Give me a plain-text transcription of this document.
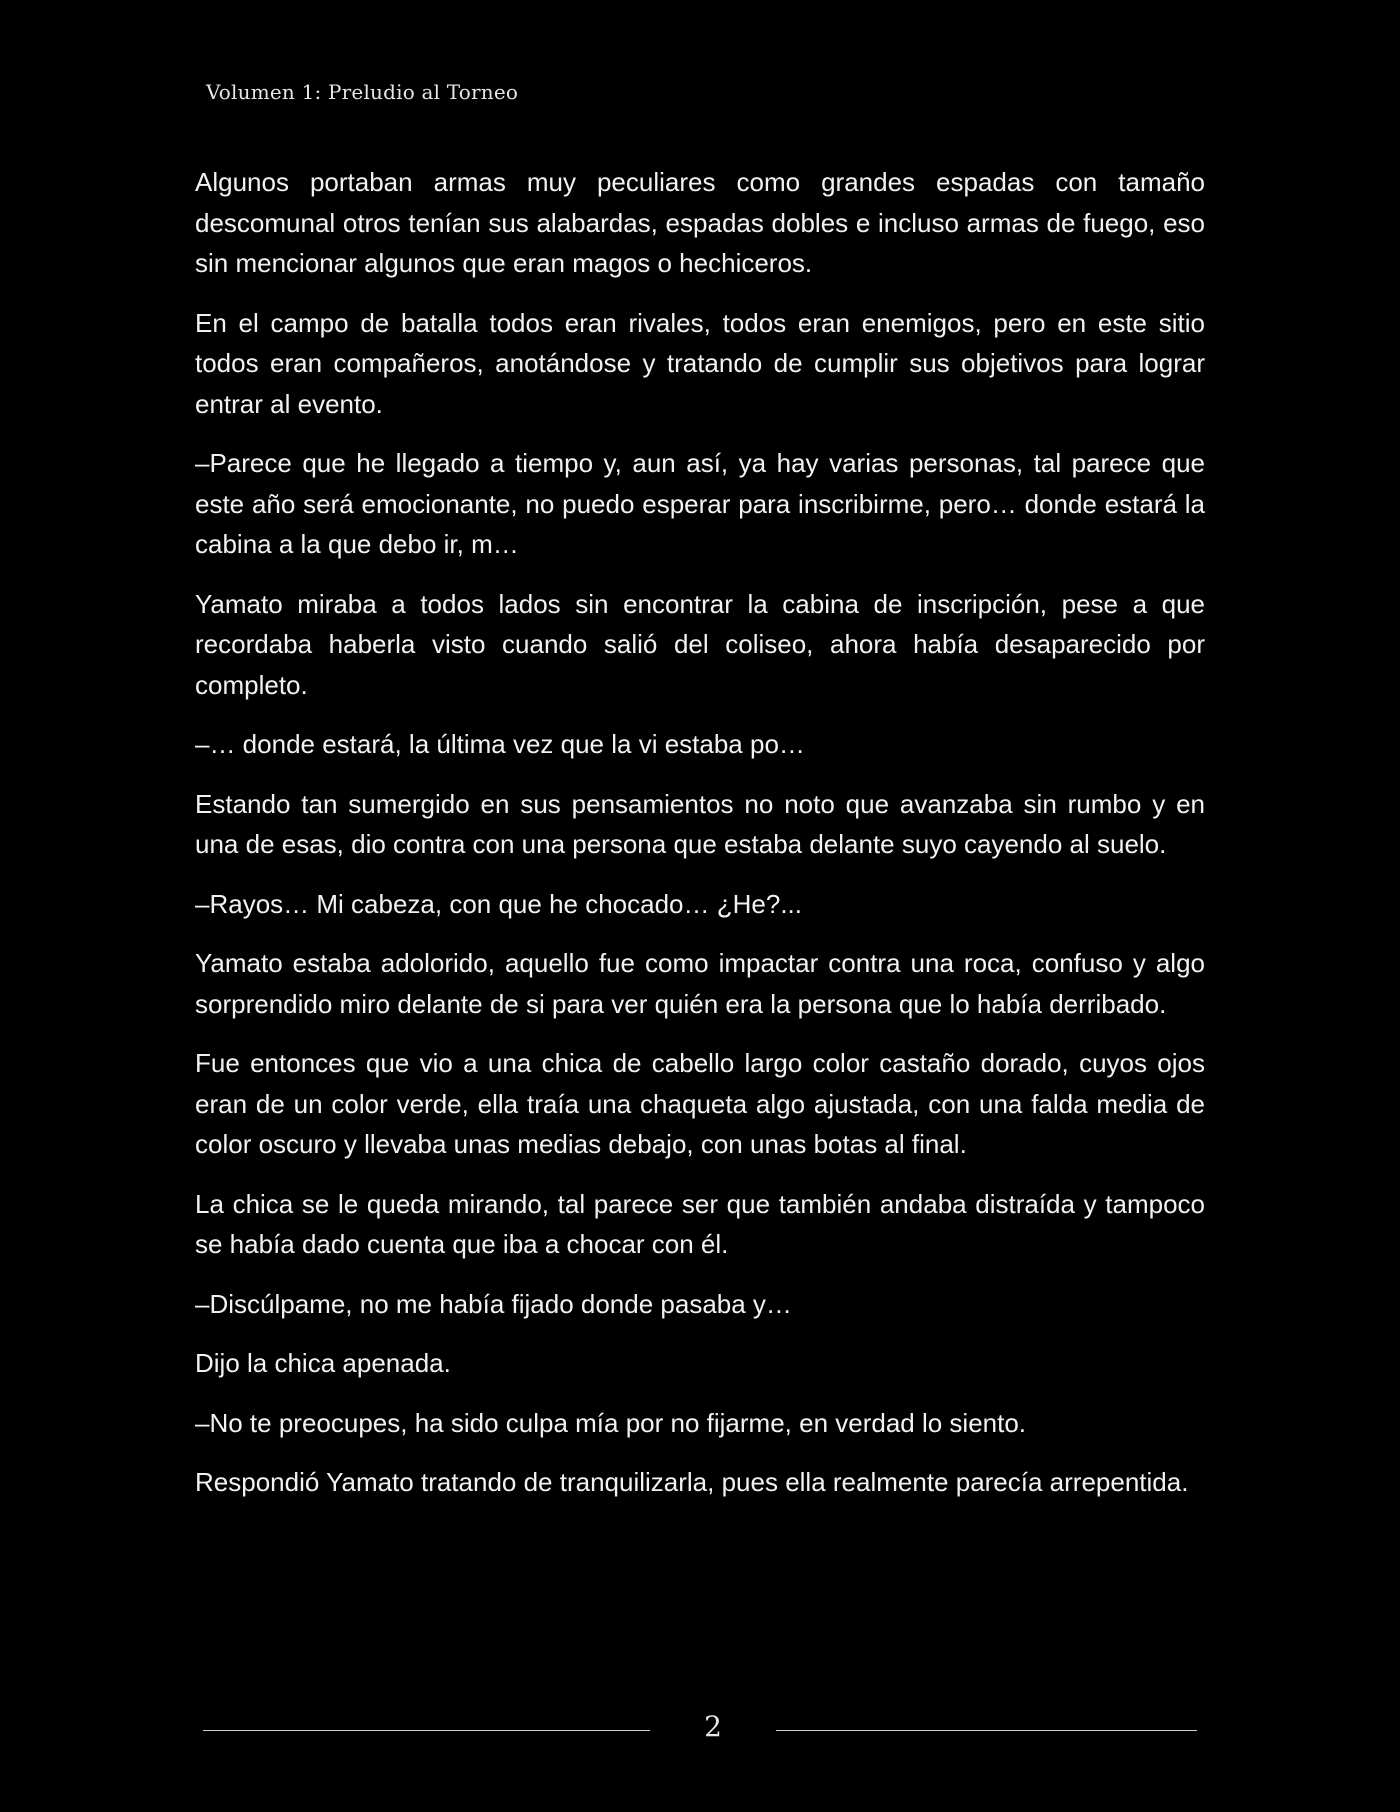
Volumen 1: Preludio al Torneo

Algunos portaban armas muy peculiares como grandes espadas con tamaño descomunal otros tenían sus alabardas, espadas dobles e incluso armas de fuego, eso sin mencionar algunos que eran magos o hechiceros.

En el campo de batalla todos eran rivales, todos eran enemigos, pero en este sitio todos eran compañeros, anotándose y tratando de cumplir sus objetivos para lograr entrar al evento.

–Parece que he llegado a tiempo y, aun así, ya hay varias personas, tal parece que este año será emocionante, no puedo esperar para inscribirme, pero… donde estará la cabina a la que debo ir, m…

Yamato miraba a todos lados sin encontrar la cabina de inscripción, pese a que recordaba haberla visto cuando salió del coliseo, ahora había desaparecido por completo.

–… donde estará, la última vez que la vi estaba po…

Estando tan sumergido en sus pensamientos no noto que avanzaba sin rumbo y en una de esas, dio contra con una persona que estaba delante suyo cayendo al suelo.

–Rayos… Mi cabeza, con que he chocado… ¿He?...

Yamato estaba adolorido, aquello fue como impactar contra una roca, confuso y algo sorprendido miro delante de si para ver quién era la persona que lo había derribado.

Fue entonces que vio a una chica de cabello largo color castaño dorado, cuyos ojos eran de un color verde, ella traía una chaqueta algo ajustada, con una falda media de color oscuro y llevaba unas medias debajo, con unas botas al final.

La chica se le queda mirando, tal parece ser que también andaba distraída y tampoco se había dado cuenta que iba a chocar con él.

–Discúlpame, no me había fijado donde pasaba y…

Dijo la chica apenada.

–No te preocupes, ha sido culpa mía por no fijarme, en verdad lo siento.

Respondió Yamato tratando de tranquilizarla, pues ella realmente parecía arrepentida.

2
